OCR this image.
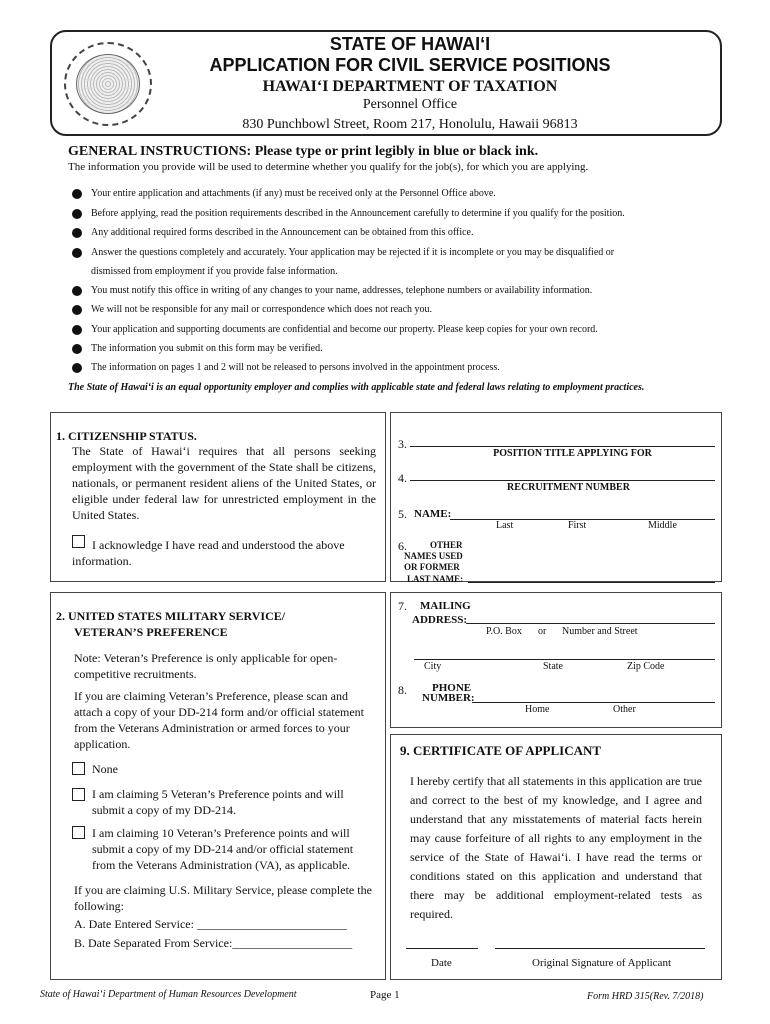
STATE OF HAWAI‘I
APPLICATION FOR CIVIL SERVICE POSITIONS
HAWAI‘I DEPARTMENT OF TAXATION
Personnel Office
830 Punchbowl Street, Room 217, Honolulu, Hawaii 96813
GENERAL INSTRUCTIONS: Please type or print legibly in blue or black ink.
The information you provide will be used to determine whether you qualify for the job(s), for which you are applying.
Your entire application and attachments (if any) must be received only at the Personnel Office above.
Before applying, read the position requirements described in the Announcement carefully to determine if you qualify for the position.
Any additional required forms described in the Announcement can be obtained from this office.
Answer the questions completely and accurately. Your application may be rejected if it is incomplete or you may be disqualified or
dismissed from employment if you provide false information.
You must notify this office in writing of any changes to your name, addresses, telephone numbers or availability information.
We will not be responsible for any mail or correspondence which does not reach you.
Your application and supporting documents are confidential and become our property. Please keep copies for your own record.
The information you submit on this form may be verified.
The information on pages 1 and 2 will not be released to persons involved in the appointment process.
The State of Hawai‘i is an equal opportunity employer and complies with applicable state and federal laws relating to employment practices.
1. CITIZENSHIP STATUS.
The State of Hawai‘i requires that all persons seeking employment with the government of the State shall be citizens, nationals, or permanent resident aliens of the United States, or eligible under federal law for unrestricted employment in the United States.
I acknowledge I have read and understood the above information.
3.
POSITION TITLE APPLYING FOR
4.
RECRUITMENT NUMBER
5. NAME:
Last	First	Middle
6.	OTHER
NAMES USED
OR FORMER
LAST NAME:
2. UNITED STATES MILITARY SERVICE/
VETERAN’S PREFERENCE
Note: Veteran’s Preference is only applicable for open-competitive recruitments.
If you are claiming Veteran’s Preference, please scan and attach a copy of your DD-214 form and/or official statement from the Veterans Administration or armed forces to your application.
None
I am claiming 5 Veteran’s Preference points and will submit a copy of my DD-214.
I am claiming 10 Veteran’s Preference points and will submit a copy of my DD-214 and/or official statement from the Veterans Administration (VA), as applicable.
If you are claiming U.S. Military Service, please complete the following:
A. Date Entered Service: _________________________
B. Date Separated From Service:____________________
7. MAILING
ADDRESS:
P.O. Box or Number and Street
City	State	Zip Code
8. PHONE
NUMBER:
Home	Other
9. CERTIFICATE OF APPLICANT
I hereby certify that all statements in this application are true and correct to the best of my knowledge, and I agree and understand that any misstatements of material facts herein may cause forfeiture of all rights to any employment in the service of the State of Hawai‘i. I have read the terms or conditions stated on this application and understand that there may be additional employment-related tests as required.
Date	Original Signature of Applicant
State of Hawai‘i Department of Human Resources Development	Page 1	Form HRD 315(Rev. 7/2018)
